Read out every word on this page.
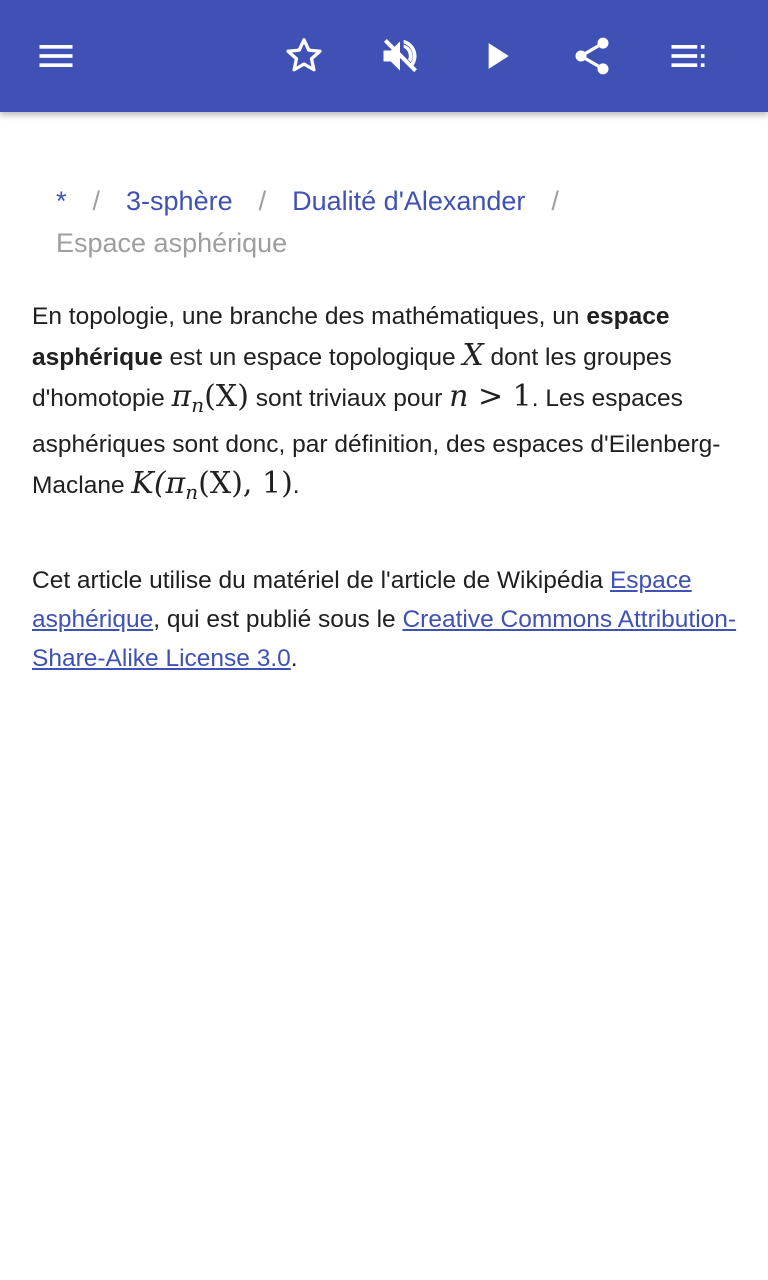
* / 3-sphère / Dualité d'Alexander /
Espace asphérique

En topologie, une branche des mathématiques, un espace asphérique est un espace topologique X dont les groupes d'homotopie $\pi_n(X)$ sont triviaux pour n > 1. Les espaces asphériques sont donc, par définition, des espaces d'Eilenberg-Maclane $K(\pi_n(X)$, 1).

Cet article utilise du matériel de l'article de Wikipédia Espace asphérique, qui est publié sous le Creative Commons Attribution-Share-Alike License 3.0.
